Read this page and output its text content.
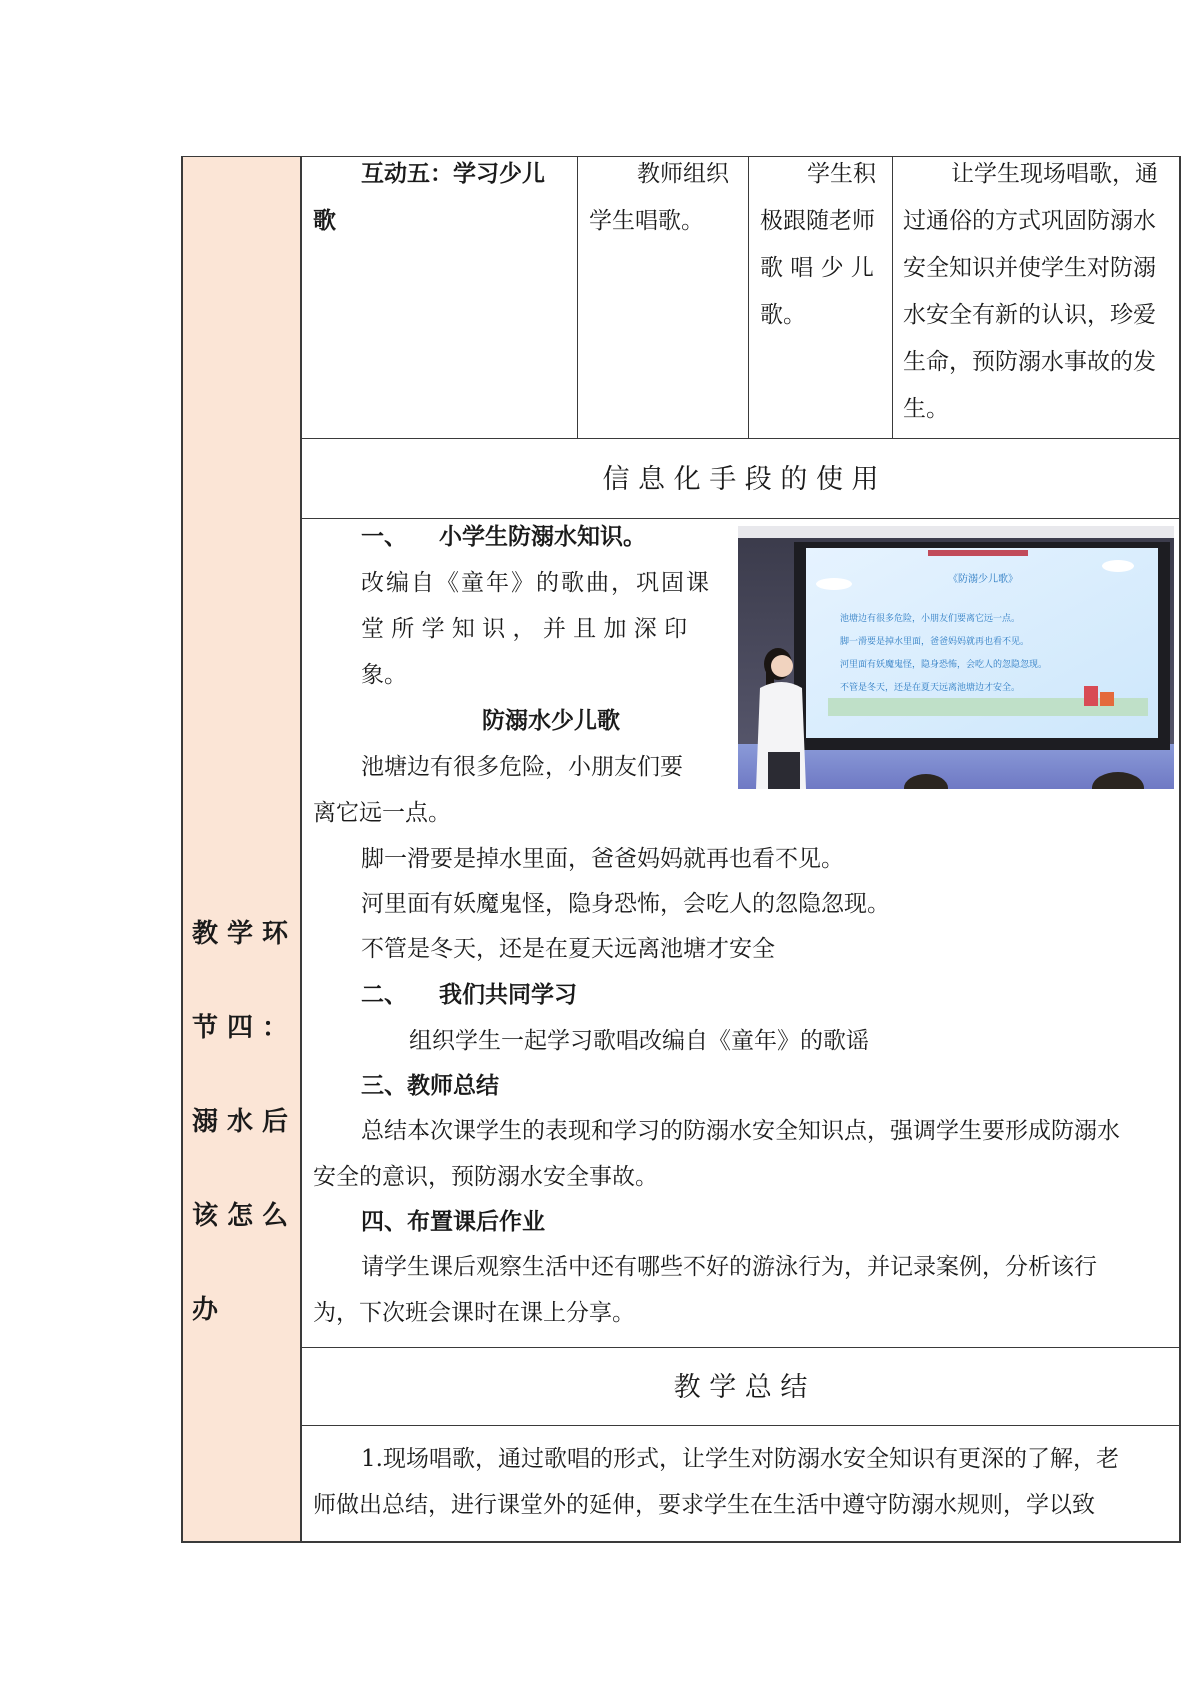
教学环
节四：
溺水后
该怎么
办
互动五：学习少儿
歌
教师组织
学生唱歌。
学生积
极跟随老师
歌 唱 少 儿
歌。
让学生现场唱歌，通
过通俗的方式巩固防溺水
安全知识并使学生对防溺
水安全有新的认识，珍爱
生命，预防溺水事故的发
生。
信 息 化 手 段 的 使 用
一、 小学生防溺水知识。
改编自《童年》的歌曲，巩固课
堂 所 学 知 识 ， 并 且 加 深 印
象。
防溺水少儿歌
池塘边有很多危险，小朋友们要
离它远一点。
脚一滑要是掉水里面，爸爸妈妈就再也看不见。
河里面有妖魔鬼怪，隐身恐怖，会吃人的忽隐忽现。
不管是冬天，还是在夏天远离池塘才安全
二、 我们共同学习
组织学生一起学习歌唱改编自《童年》的歌谣
三、教师总结
总结本次课学生的表现和学习的防溺水安全知识点，强调学生要形成防溺水
安全的意识，预防溺水安全事故。
四、布置课后作业
请学生课后观察生活中还有哪些不好的游泳行为，并记录案例，分析该行
为，下次班会课时在课上分享。
《防溺少儿歌》
池塘边有很多危险，小朋友们要离它远一点。
脚一滑要是掉水里面，爸爸妈妈就再也看不见。
河里面有妖魔鬼怪，隐身恐怖，会吃人的忽隐忽现。
不管是冬天，还是在夏天远离池塘边才安全。
教 学 总 结
1.现场唱歌，通过歌唱的形式，让学生对防溺水安全知识有更深的了解，老
师做出总结，进行课堂外的延伸，要求学生在生活中遵守防溺水规则，学以致
